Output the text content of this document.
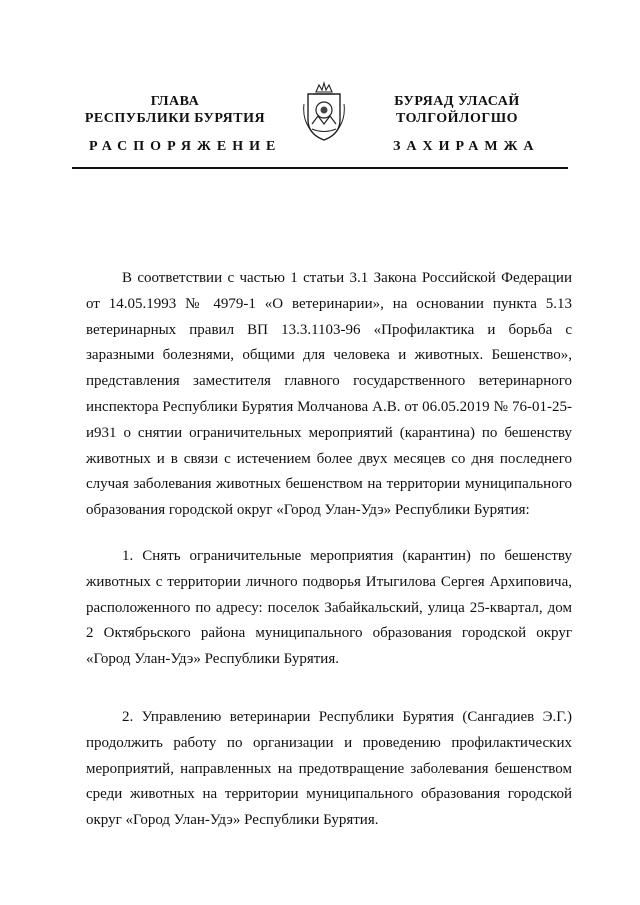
ГЛАВА
РЕСПУБЛИКИ БУРЯТИЯ
БУРЯАД УЛАСАЙ
ТОЛГОЙЛОГШО
РАСПОРЯЖЕНИЕ	ЗАХИРАМЖА
В соответствии с частью 1 статьи 3.1 Закона Российской Федерации от 14.05.1993 № 4979-1 «О ветеринарии», на основании пункта 5.13 ветеринарных правил ВП 13.3.1103-96 «Профилактика и борьба с заразными болезнями, общими для человека и животных. Бешенство», представления заместителя главного государственного ветеринарного инспектора Республики Бурятия Молчанова А.В. от 06.05.2019 № 76-01-25-и931 о снятии ограничительных мероприятий (карантина) по бешенству животных и в связи с истечением более двух месяцев со дня последнего случая заболевания животных бешенством на территории муниципального образования городской округ «Город Улан-Удэ» Республики Бурятия:
1. Снять ограничительные мероприятия (карантин) по бешенству животных с территории личного подворья Итыгилова Сергея Архиповича, расположенного по адресу: поселок Забайкальский, улица 25-квартал, дом 2 Октябрьского района муниципального образования городской округ «Город Улан-Удэ» Республики Бурятия.
2. Управлению ветеринарии Республики Бурятия (Сангадиев Э.Г.) продолжить работу по организации и проведению профилактических мероприятий, направленных на предотвращение заболевания бешенством среди животных на территории муниципального образования городской округ «Город Улан-Удэ» Республики Бурятия.
